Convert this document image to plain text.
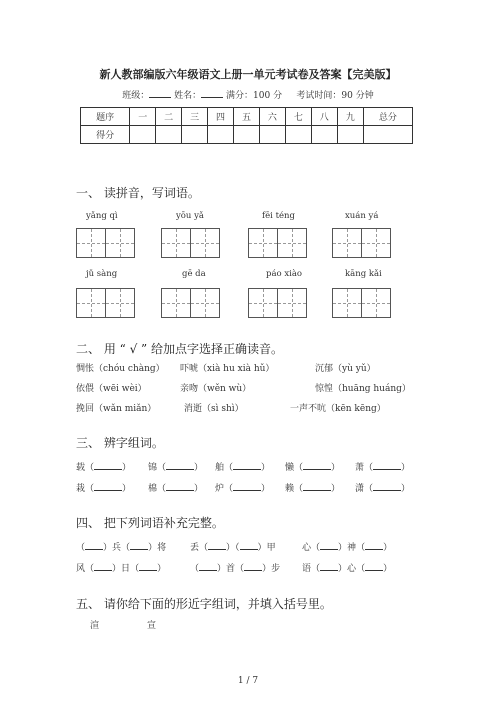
新人教部编版六年级语文上册一单元考试卷及答案【完美版】
班级：	姓名：	满分：100 分 考试时间：90 分钟
题序	一	二	三	四	五	六	七	八	九	总分
得分										
一、 读拼音，写词语。
yǎng qì	yōu yǎ	fēi téng	xuán yá
jǔ sàng	gē da	páo xiào	kāng kǎi
二、 用 “ √ ” 给加点字选择正确读音。
惆怅（chóu chàng） 吓唬（xià hu xià hǔ）	沉郁（yù yǔ）
依偎（wēi wèi）	亲吻（wěn wù）	惊惶（huāng huáng）
挽回（wǎn miǎn）	消逝（sì shì）	一声不吭（kēn kēng）
三、 辨字组词。
载（	） 锦（	） 舶（	） 懒（	） 萧（	）
栽（	） 棉（	） 炉（	） 赖（	） 潇（	）
四、 把下列词语补充完整。
（ ）兵（ ）将	丢（ ）（ ）甲	心（ ）神（ ）
风（ ）日（ ）	（ ）首（ ）步 语（ ）心（ ）
五、 请你给下面的形近字组词，并填入括号里。
渲	宣
1 / 7
